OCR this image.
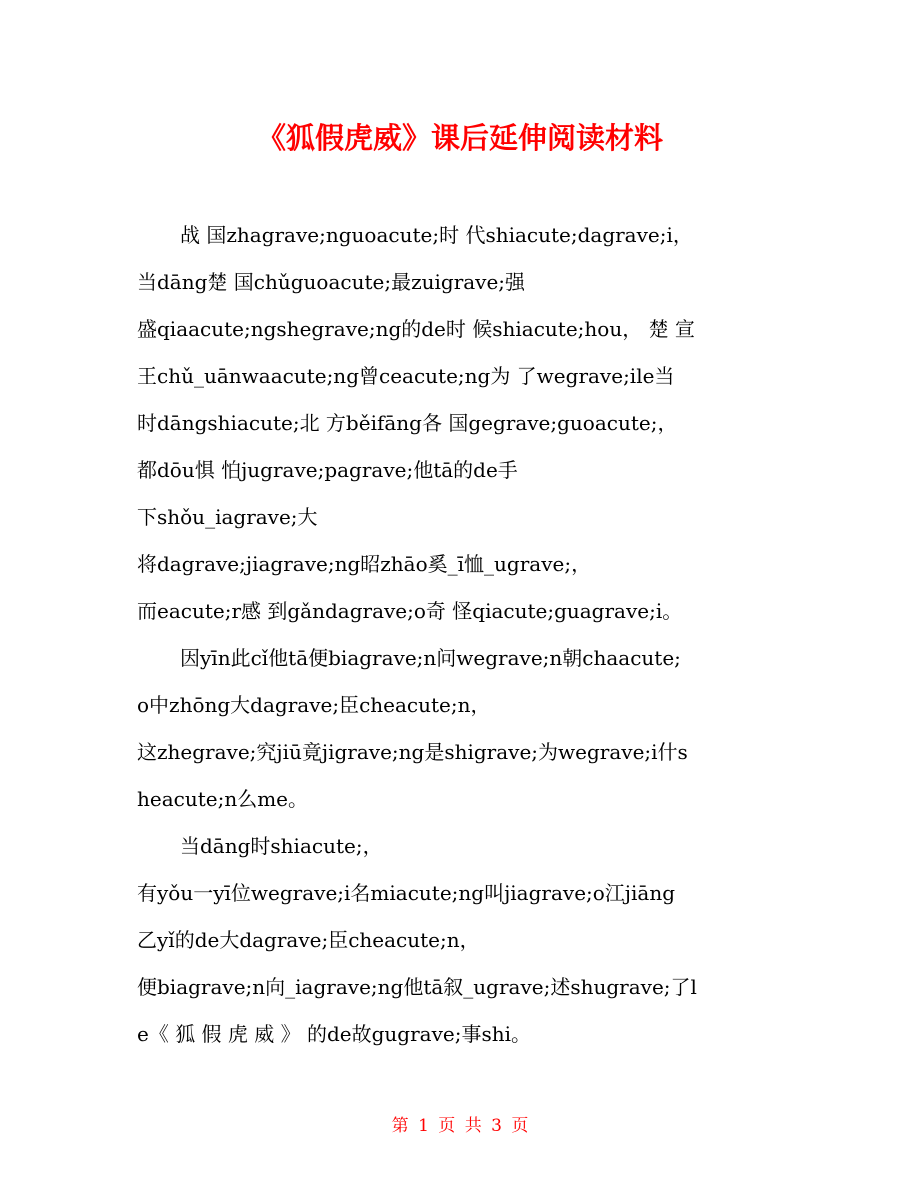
《狐假虎威》课后延伸阅读材料
战 国zhagrave;nguoacute;时 代shiacute;dagrave;i，
当dāng楚 国chǔguoacute;最zuigrave;强
盛qiaacute;ngshegrave;ng的de时 候shiacute;hou， 楚 宣
王chǔ_uānwaacute;ng曾ceacute;ng为 了wegrave;ile当
时dāngshiacute;北 方běifāng各 国gegrave;guoacute;，
都dōu惧 怕jugrave;pagrave;他tā的de手
下shǒu_iagrave;大
将dagrave;jiagrave;ng昭zhāo奚_ī恤_ugrave;，
而eacute;r感 到gǎndagrave;o奇 怪qiacute;guagrave;i。
因yīn此cǐ他tā便biagrave;n问wegrave;n朝chaacute;
o中zhōng大dagrave;臣cheacute;n，
这zhegrave;究jiū竟jigrave;ng是shigrave;为wegrave;i什s
heacute;n么me。
当dāng时shiacute;，
有yǒu一yī位wegrave;i名miacute;ng叫jiagrave;o江jiāng
乙yǐ的de大dagrave;臣cheacute;n，
便biagrave;n向_iagrave;ng他tā叙_ugrave;述shugrave;了l
e《 狐 假 虎 威 》 的de故gugrave;事shi。
第 1 页 共 3 页
